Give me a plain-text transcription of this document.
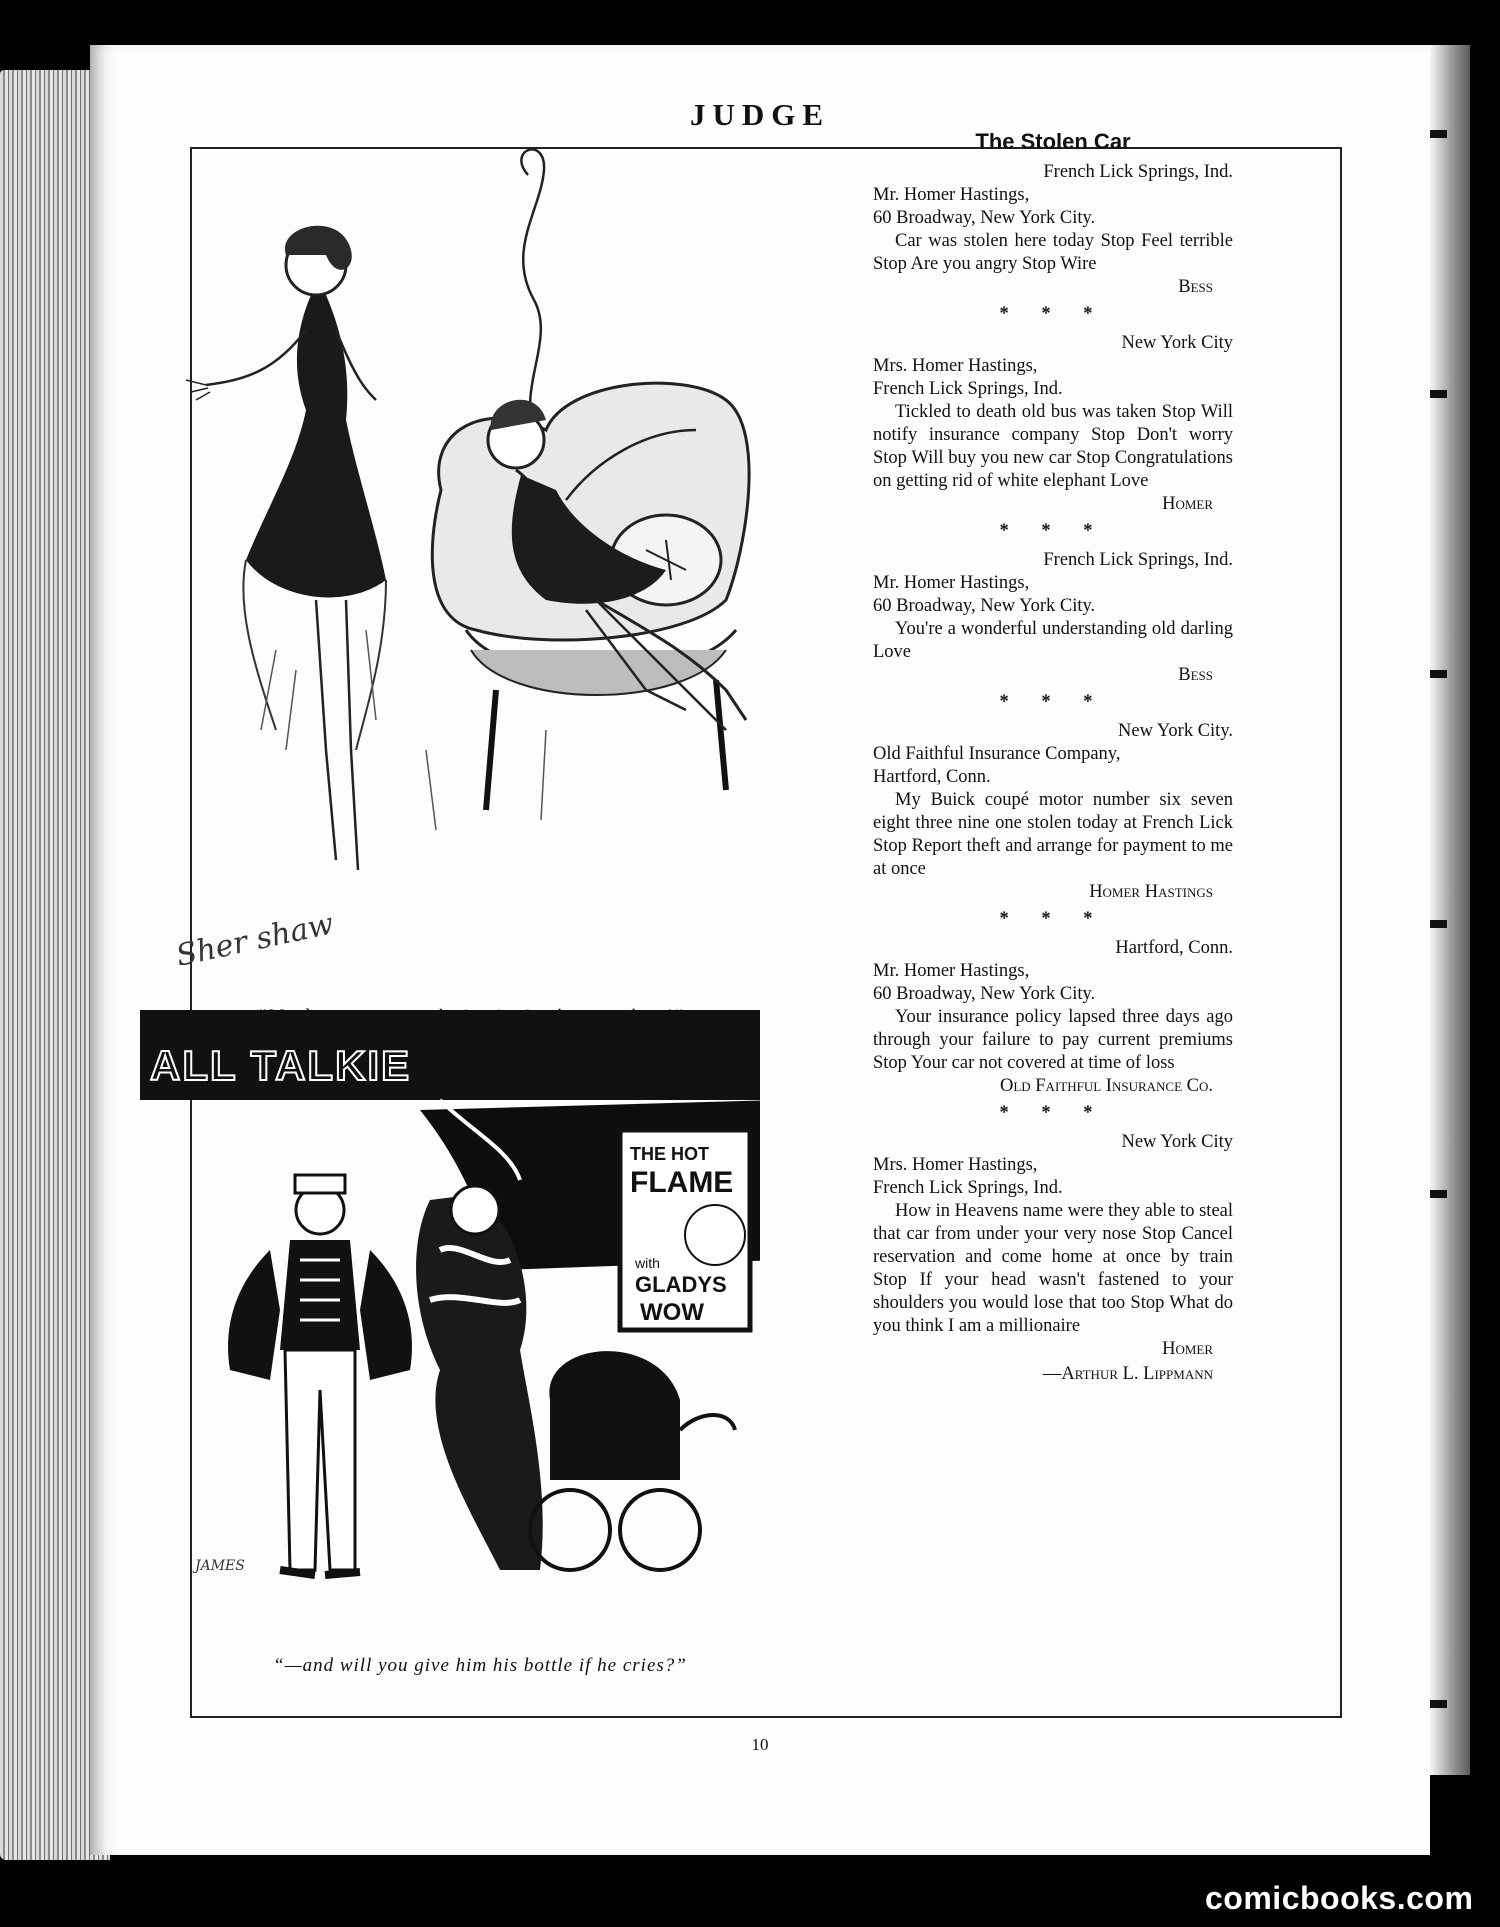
JUDGE
10
Sher shaw
ALL TALKIE
THE HOT
FLAME
with
GLADYS
WOW
JAMES
“—and will you give him his bottle if he cries?”
The Stolen Car
French Lick Springs, Ind.
Mr. Homer Hastings,
60 Broadway, New York City.
Car was stolen here today Stop Feel terrible Stop Are you angry Stop Wire
Bess
* * *
New York City
Mrs. Homer Hastings,
French Lick Springs, Ind.
Tickled to death old bus was taken Stop Will notify insurance company Stop Don't worry Stop Will buy you new car Stop Congratulations on getting rid of white elephant Love
Homer
* * *
French Lick Springs, Ind.
Mr. Homer Hastings,
60 Broadway, New York City.
You're a wonderful understanding old darling Love
Bess
* * *
New York City.
Old Faithful Insurance Company,
Hartford, Conn.
My Buick coupé motor number six seven eight three nine one stolen today at French Lick Stop Report theft and arrange for payment to me at once
Homer Hastings
* * *
Hartford, Conn.
Mr. Homer Hastings,
60 Broadway, New York City.
Your insurance policy lapsed three days ago through your failure to pay current premiums Stop Your car not covered at time of loss
Old Faithful Insurance Co.
* * *
New York City
Mrs. Homer Hastings,
French Lick Springs, Ind.
How in Heavens name were they able to steal that car from under your very nose Stop Cancel reservation and come home at once by train Stop If your head wasn't fastened to your shoulders you would lose that too Stop What do you think I am a millionaire
Homer
—Arthur L. Lippmann
comicbooks.com
